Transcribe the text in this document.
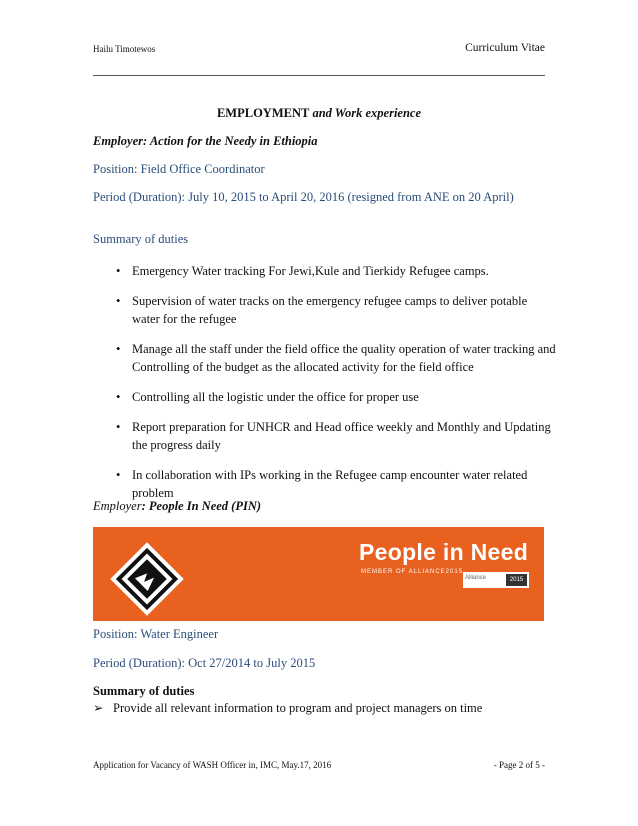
Hailu Timotewos	Curriculum Vitae
EMPLOYMENT and Work experience
Employer: Action for the Needy in Ethiopia
Position: Field Office Coordinator
Period (Duration): July 10, 2015 to April 20, 2016 (resigned from ANE on 20 April)
Summary of duties
• Emergency Water tracking For Jewi,Kule and Tierkidy Refugee camps.
• Supervision of water tracks on the emergency refugee camps to deliver potable water for the refugee
• Manage all the staff under the field office the quality operation of water tracking and Controlling of the budget as the allocated activity for the field office
• Controlling all the logistic under the office for proper use
• Report preparation for UNHCR and Head office weekly and Monthly and Updating the progress daily
• In collaboration with IPs working in the Refugee camp encounter water related problem
Employer: People In Need (PIN)
People in Need
MEMBER OF ALLIANCE2015
Alliance	2015
Position: Water Engineer
Period (Duration): Oct 27/2014 to July 2015
Summary of duties
➢ Provide all relevant information to program and project managers on time
Application for Vacancy of WASH Officer in, IMC, May.17, 2016	- Page 2 of 5 -
